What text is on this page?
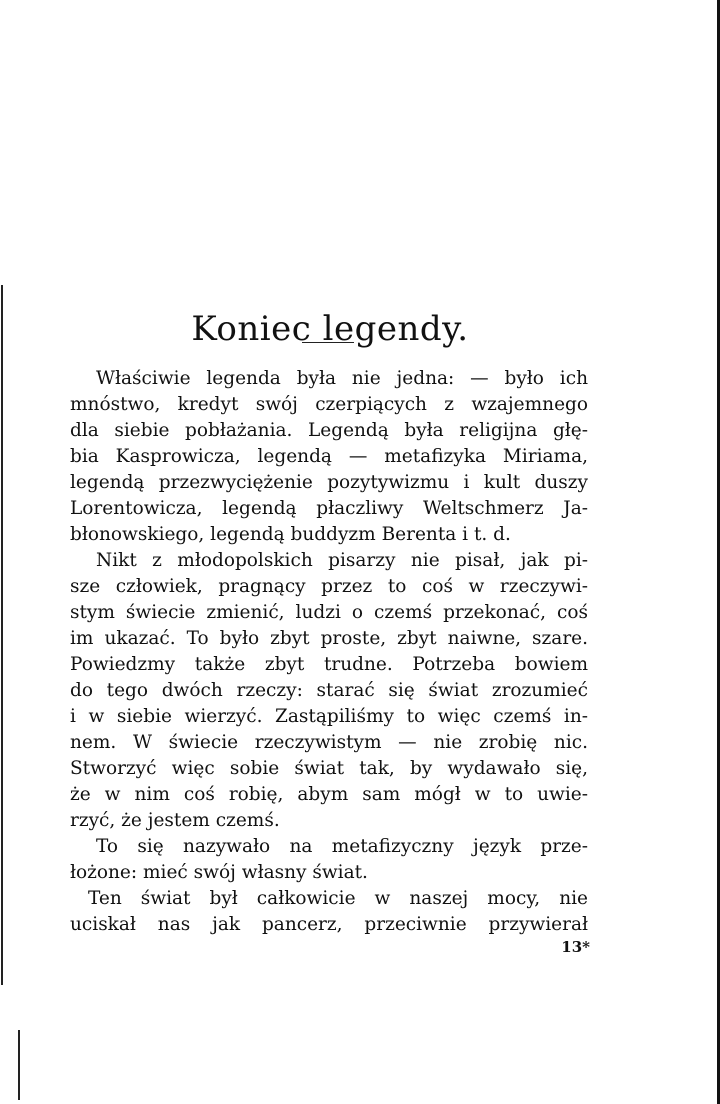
Koniec legendy.
Właściwie legenda była nie jedna: — było ich
mnóstwo, kredyt swój czerpiących z wzajemnego
dla siebie pobłażania. Legendą była religijna głę-
bia Kasprowicza, legendą — metafizyka Miriama,
legendą przezwyciężenie pozytywizmu i kult duszy
Lorentowicza, legendą płaczliwy Weltschmerz Ja-
błonowskiego, legendą buddyzm Berenta i t. d.
Nikt z młodopolskich pisarzy nie pisał, jak pi-
sze człowiek, pragnący przez to coś w rzeczywi-
stym świecie zmienić, ludzi o czemś przekonać, coś
im ukazać. To było zbyt proste, zbyt naiwne, szare.
Powiedzmy także zbyt trudne. Potrzeba bowiem
do tego dwóch rzeczy: starać się świat zrozumieć
i w siebie wierzyć. Zastąpiliśmy to więc czemś in-
nem. W świecie rzeczywistym — nie zrobię nic.
Stworzyć więc sobie świat tak, by wydawało się,
że w nim coś robię, abym sam mógł w to uwie-
rzyć, że jestem czemś.
To się nazywało na metafizyczny język prze-
łożone: mieć swój własny świat.
Ten świat był całkowicie w naszej mocy, nie
uciskał nas jak pancerz, przeciwnie przywierał
13*
